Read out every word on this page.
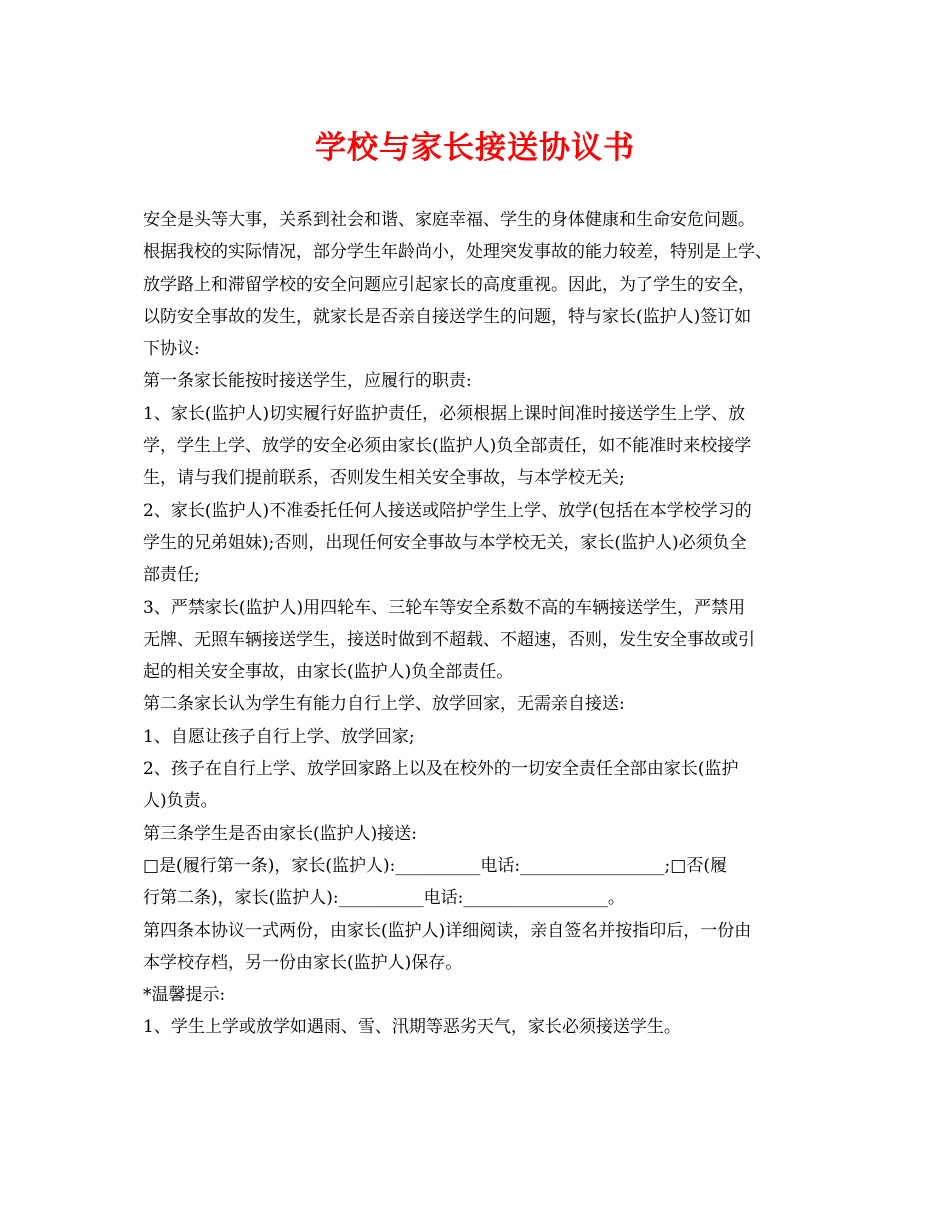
学校与家长接送协议书
安全是头等大事，关系到社会和谐、家庭幸福、学生的身体健康和生命安危问题。
根据我校的实际情况，部分学生年龄尚小，处理突发事故的能力较差，特别是上学、
放学路上和滞留学校的安全问题应引起家长的高度重视。因此，为了学生的安全，
以防安全事故的发生，就家长是否亲自接送学生的问题，特与家长(监护人)签订如
下协议:
第一条家长能按时接送学生，应履行的职责:
1、家长(监护人)切实履行好监护责任，必须根据上课时间准时接送学生上学、放
学，学生上学、放学的安全必须由家长(监护人)负全部责任，如不能准时来校接学
生，请与我们提前联系，否则发生相关安全事故，与本学校无关;
2、家长(监护人)不准委托任何人接送或陪护学生上学、放学(包括在本学校学习的
学生的兄弟姐妹);否则，出现任何安全事故与本学校无关，家长(监护人)必须负全
部责任;
3、严禁家长(监护人)用四轮车、三轮车等安全系数不高的车辆接送学生，严禁用
无牌、无照车辆接送学生，接送时做到不超载、不超速，否则，发生安全事故或引
起的相关安全事故，由家长(监护人)负全部责任。
第二条家长认为学生有能力自行上学、放学回家，无需亲自接送:
1、自愿让孩子自行上学、放学回家;
2、孩子在自行上学、放学回家路上以及在校外的一切安全责任全部由家长(监护
人)负责。
第三条学生是否由家长(监护人)接送:
□是(履行第一条)，家长(监护人):__________电话:_________________;□否(履
行第二条)，家长(监护人):__________电话:_________________。
第四条本协议一式两份，由家长(监护人)详细阅读，亲自签名并按指印后，一份由
本学校存档，另一份由家长(监护人)保存。
*温馨提示:
1、学生上学或放学如遇雨、雪、汛期等恶劣天气，家长必须接送学生。
